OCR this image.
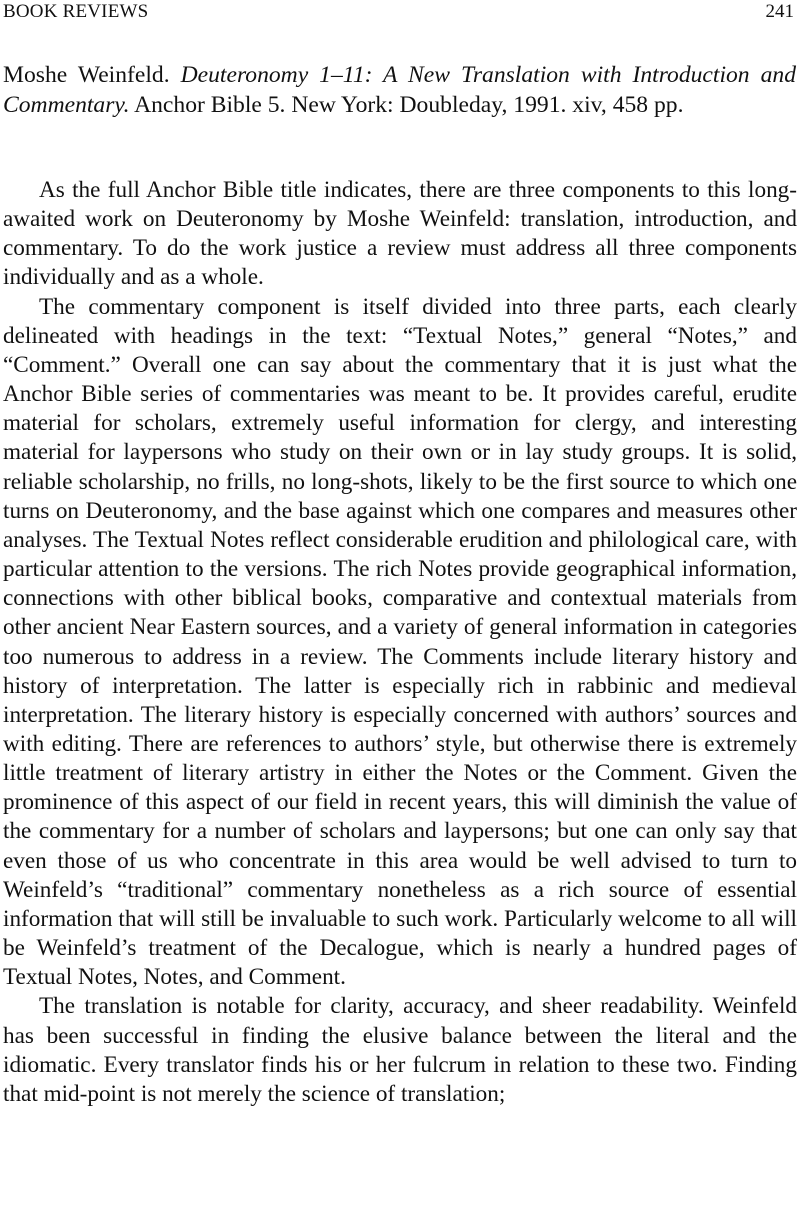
BOOK REVIEWS	241
Moshe Weinfeld. Deuteronomy 1–11: A New Translation with Introduction and Commentary. Anchor Bible 5. New York: Doubleday, 1991. xiv, 458 pp.

As the full Anchor Bible title indicates, there are three components to this long-awaited work on Deuteronomy by Moshe Weinfeld: translation, introduction, and commentary. To do the work justice a review must address all three components individually and as a whole.

The commentary component is itself divided into three parts, each clearly delineated with headings in the text: “Textual Notes,” general “Notes,” and “Comment.” Overall one can say about the commentary that it is just what the Anchor Bible series of commentaries was meant to be. It provides careful, erudite material for scholars, extremely useful information for clergy, and interesting material for laypersons who study on their own or in lay study groups. It is solid, reliable scholarship, no frills, no long-shots, likely to be the first source to which one turns on Deuteronomy, and the base against which one compares and measures other analyses. The Textual Notes reflect considerable erudition and philological care, with particular attention to the versions. The rich Notes provide geographical information, connections with other biblical books, comparative and contextual materials from other ancient Near Eastern sources, and a variety of general information in categories too numerous to address in a review. The Comments include literary history and history of interpretation. The latter is especially rich in rabbinic and medieval interpretation. The literary history is especially concerned with authors’ sources and with editing. There are references to authors’ style, but otherwise there is extremely little treatment of literary artistry in either the Notes or the Comment. Given the prominence of this aspect of our field in recent years, this will diminish the value of the commentary for a number of scholars and laypersons; but one can only say that even those of us who concentrate in this area would be well advised to turn to Weinfeld’s “traditional” commentary nonetheless as a rich source of essential information that will still be invaluable to such work. Particularly welcome to all will be Weinfeld’s treatment of the Decalogue, which is nearly a hundred pages of Textual Notes, Notes, and Comment.

The translation is notable for clarity, accuracy, and sheer readability. Weinfeld has been successful in finding the elusive balance between the literal and the idiomatic. Every translator finds his or her fulcrum in relation to these two. Finding that mid-point is not merely the science of translation;
